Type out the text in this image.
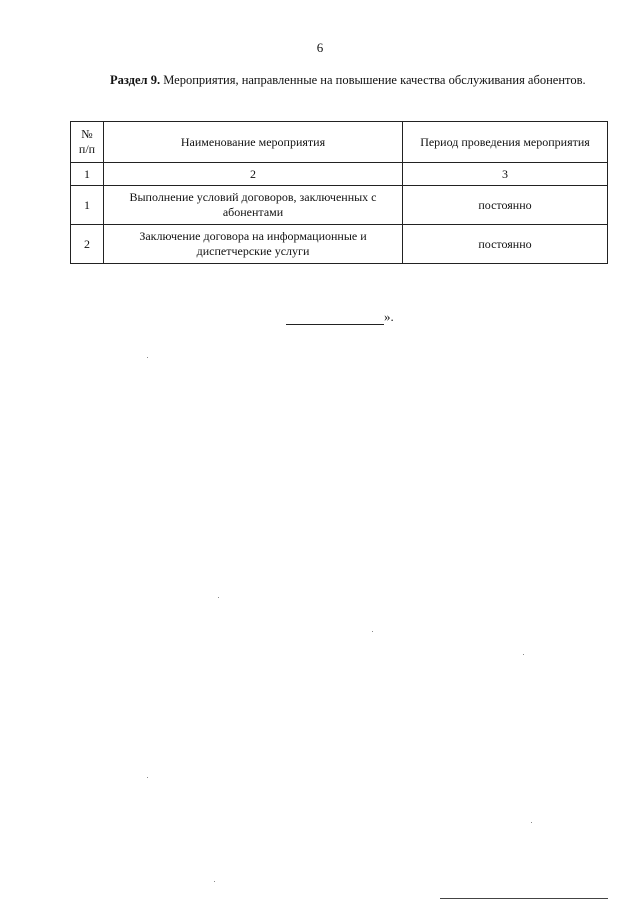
6
Раздел 9. Мероприятия, направленные на повышение качества обслуживания абонентов.
№ п/п	Наименование мероприятия	Период проведения мероприятия
1	2	3
1	Выполнение условий договоров, заключенных с абонентами	постоянно
2	Заключение договора на информационные и диспетчерские услуги	постоянно
».
